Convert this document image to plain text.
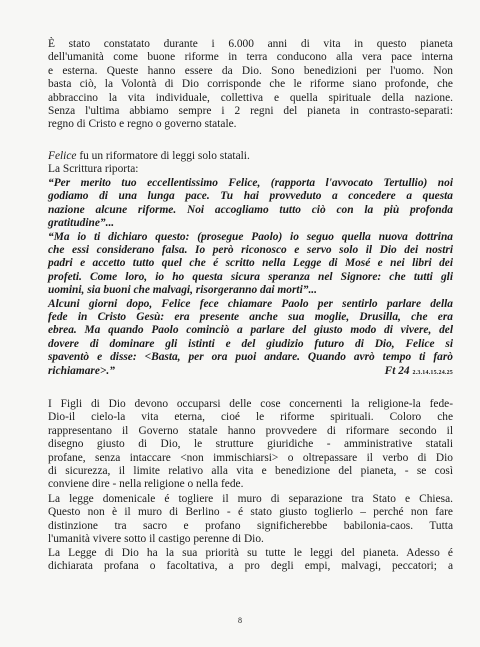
È stato constatato durante i 6.000 anni di vita in questo pianeta
dell'umanità come buone riforme in terra conducono alla vera pace interna
e esterna. Queste hanno essere da Dio. Sono benedizioni per l'uomo. Non
basta ciò, la Volontà di Dio corrisponde che le riforme siano profonde, che
abbraccino la vita individuale, collettiva e quella spirituale della nazione.
Senza l'ultima abbiamo sempre i 2 regni del pianeta in contrasto-separati:
regno di Cristo e regno o governo statale.
Felice fu un riformatore di leggi solo statali.
La Scrittura riporta:
“Per merito tuo eccellentissimo Felice, (rapporta l'avvocato Tertullio) noi
godiamo di una lunga pace. Tu hai provveduto a concedere a questa
nazione alcune riforme. Noi accogliamo tutto ciò con la più profonda
gratitudine”...
“Ma io ti dichiaro questo: (prosegue Paolo) io seguo quella nuova dottrina
che essi considerano falsa. Io però riconosco e servo solo il Dio dei nostri
padri e accetto tutto quel che é scritto nella Legge di Mosé e nei libri dei
profeti. Come loro, io ho questa sicura speranza nel Signore: che tutti gli
uomini, sia buoni che malvagi, risorgeranno dai morti”...
Alcuni giorni dopo, Felice fece chiamare Paolo per sentirlo parlare della
fede in Cristo Gesù: era presente anche sua moglie, Drusilla, che era
ebrea. Ma quando Paolo cominciò a parlare del giusto modo di vivere, del
dovere di dominare gli istinti e del giudizio futuro di Dio, Felice si
spaventò e disse: <Basta, per ora puoi andare. Quando avrò tempo ti farò
richiamare>.”	Ft 24 2.3.14.15.24.25
I Figli di Dio devono occuparsi delle cose concernenti la religione-la fede-
Dio-il cielo-la vita eterna, cioé le riforme spirituali. Coloro che
rappresentano il Governo statale hanno provvedere di riformare secondo il
disegno giusto di Dio, le strutture giuridiche - amministrative statali
profane, senza intaccare <non immischiarsi> o oltrepassare il verbo di Dio
di sicurezza, il limite relativo alla vita e benedizione del pianeta, - se così
conviene dire - nella religione o nella fede.
La legge domenicale é togliere il muro di separazione tra Stato e Chiesa.
Questo non è il muro di Berlino - é stato giusto toglierlo – perché non fare
distinzione tra sacro e profano significherebbe babilonia-caos. Tutta
l'umanità vivere sotto il castigo perenne di Dio.
La Legge di Dio ha la sua priorità su tutte le leggi del pianeta. Adesso é
dichiarata profana o facoltativa, a pro degli empi, malvagi, peccatori; a
8
